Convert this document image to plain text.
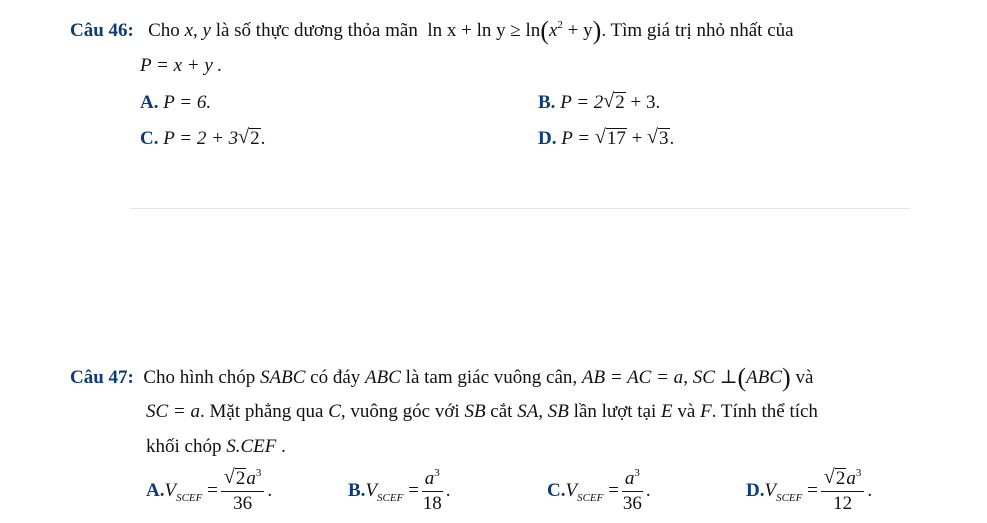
Câu 46: Cho x, y là số thực dương thỏa mãn $\ln x + \ln y \ge \ln(x^2 + y)$. Tìm giá trị nhỏ nhất của
P = x + y .
A. P = 6.	B. P = 2 √ 2 + 3.
C. P = 2 + 3 √ 2.	D. P = √ 17 + √ 3.
Câu 47: Cho hình chóp SABC có đáy ABC là tam giác vuông cân, AB = AC = a, SC ⊥(ABC) và
SC = a. Mặt phẳng qua C, vuông góc với SB cắt SA, SB lần lượt tại E và F. Tính thể tích
khối chóp S.CEF .
$A.V_{SCEF}$ = √ $\frac{2a^3}{36}$ .	$B.V_{SCEF} = \frac{a^3}{18}$ .	$C.V_{SCEF} = \frac{a^3}{36}$ .	$D.V_{SCEF}$ = √ $\frac{2a^3}{12}$ .
